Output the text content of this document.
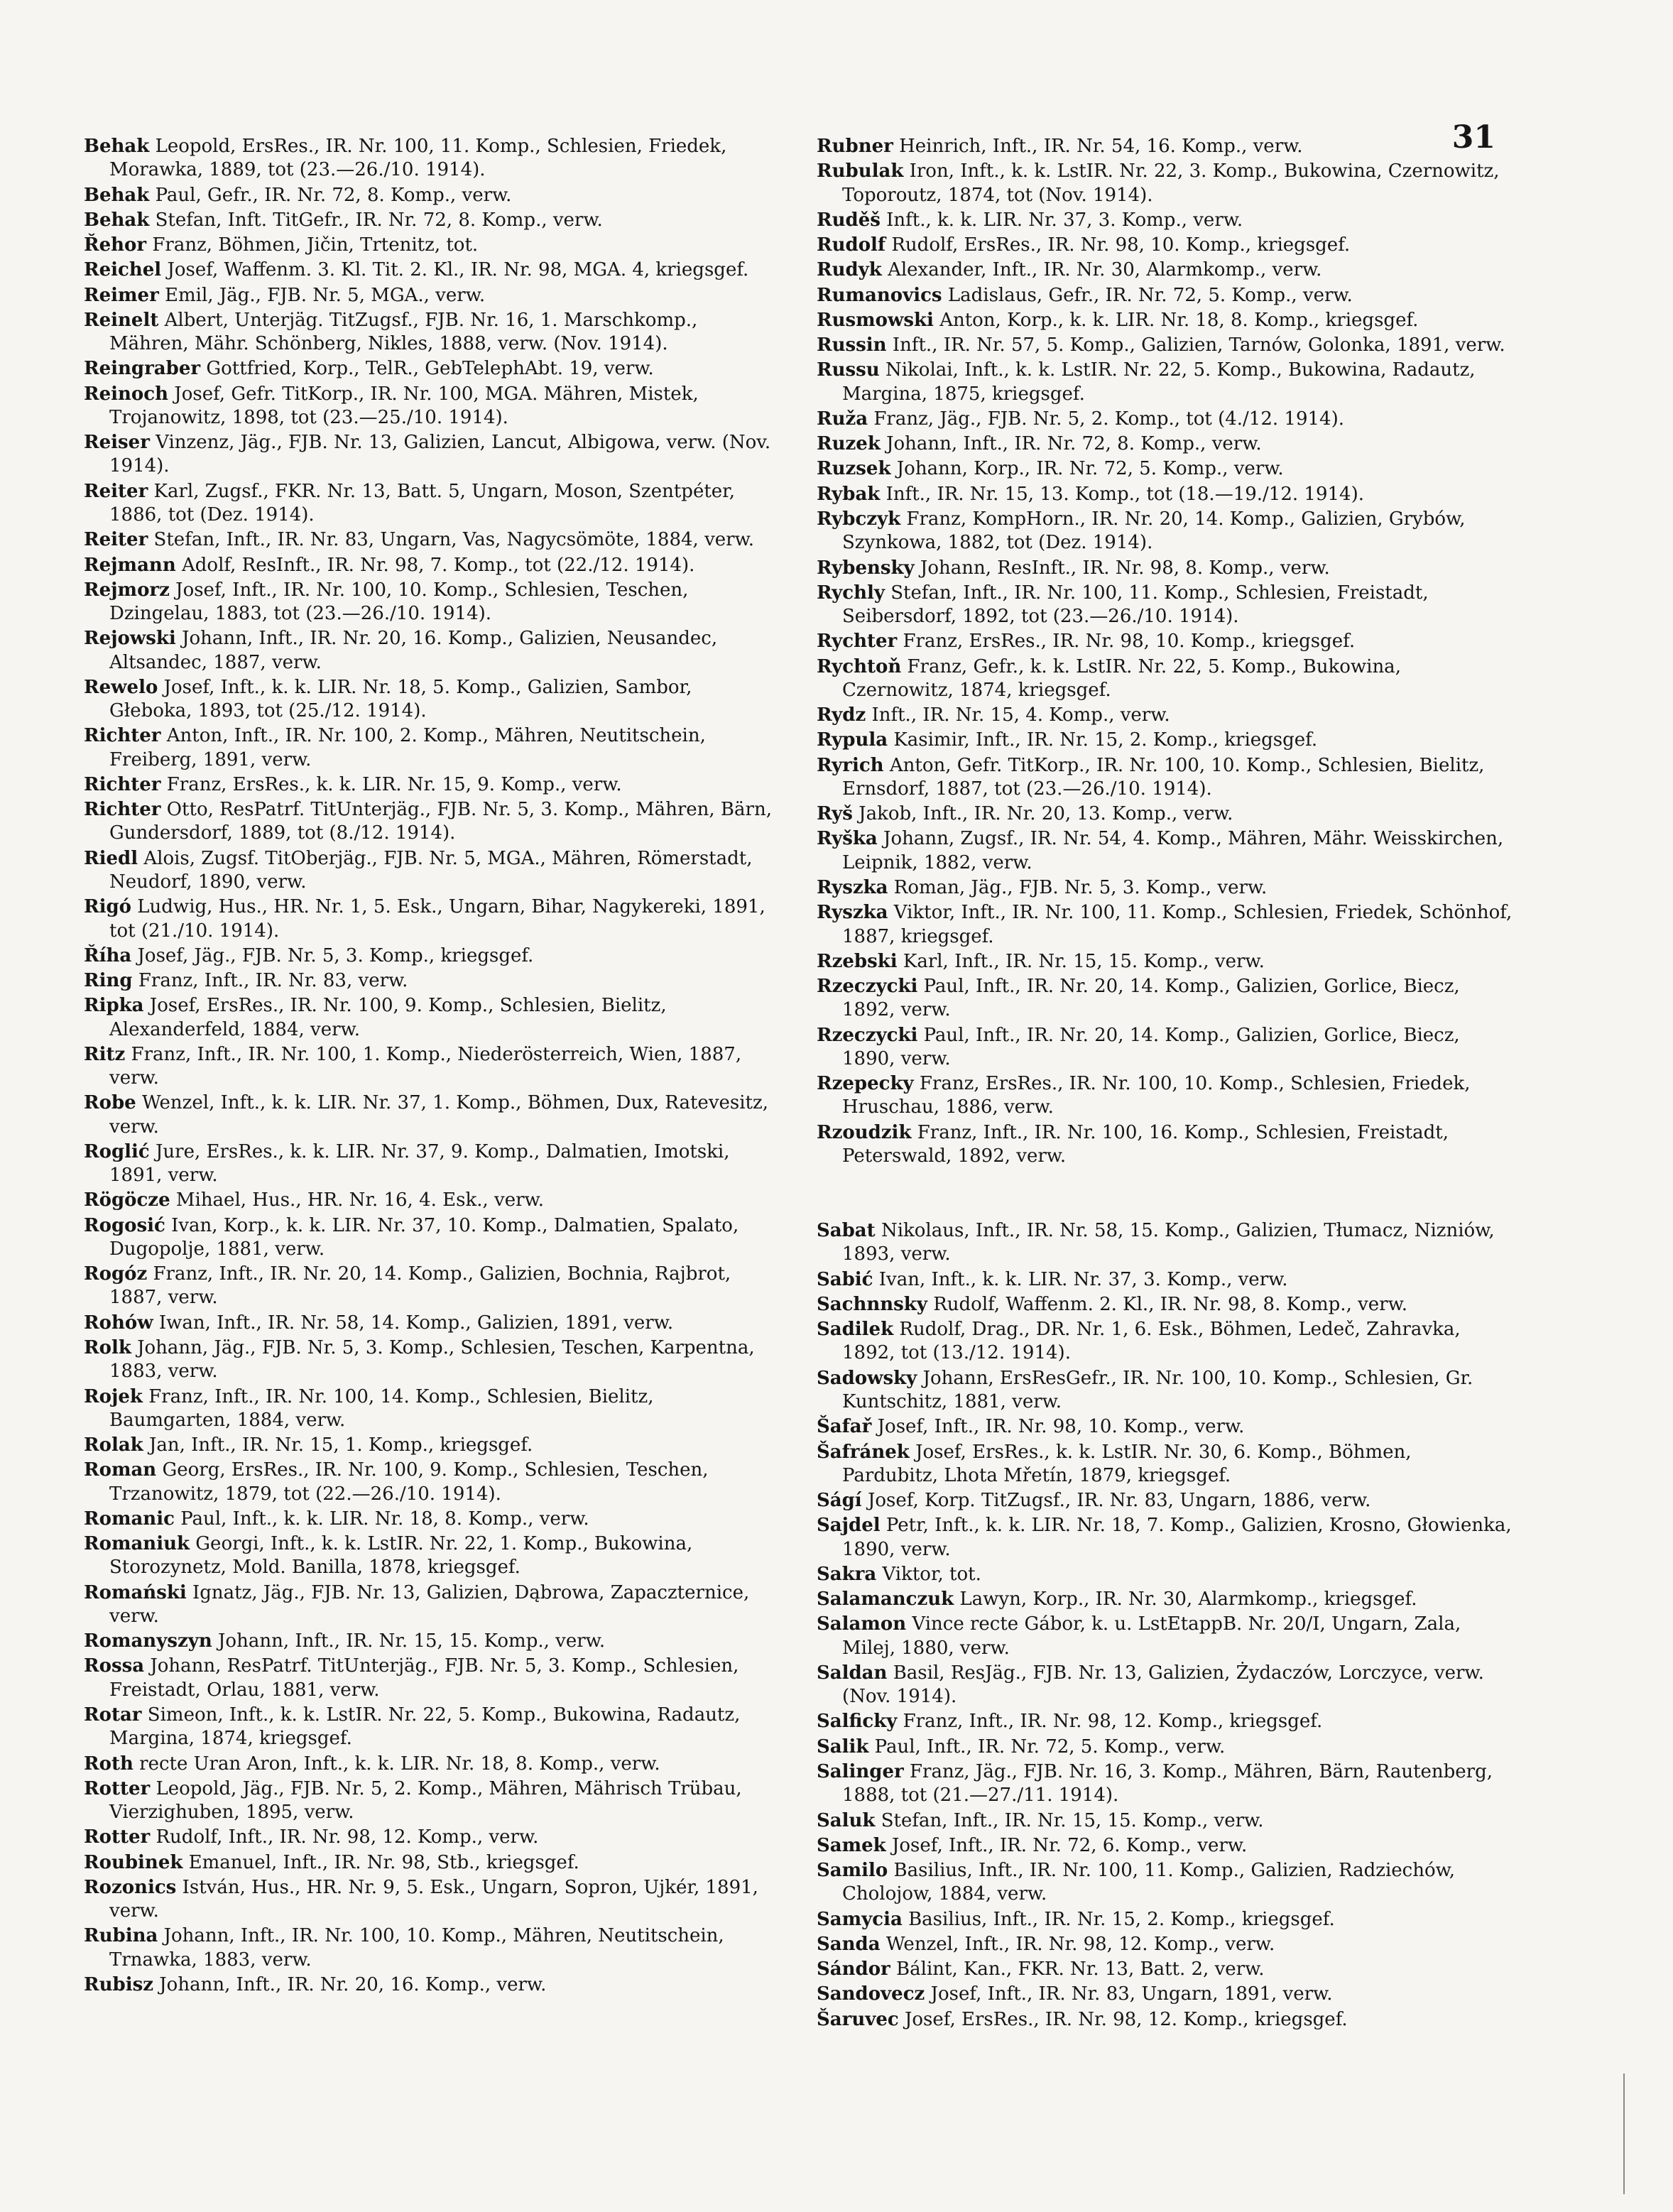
31

Behak Leopold, ErsRes., IR. Nr. 100, 11. Komp., Schlesien, Friedek, Morawka, 1889, tot (23.—26./10. 1914).

Behak Paul, Gefr., IR. Nr. 72, 8. Komp., verw.

Behak Stefan, Inft. TitGefr., IR. Nr. 72, 8. Komp., verw.

Řehor Franz, Böhmen, Jičin, Trtenitz, tot.

Reichel Josef, Waffenm. 3. Kl. Tit. 2. Kl., IR. Nr. 98, MGA. 4, kriegsgef.

Reimer Emil, Jäg., FJB. Nr. 5, MGA., verw.

Reinelt Albert, Unterjäg. TitZugsf., FJB. Nr. 16, 1. Marschkomp., Mähren, Mähr. Schönberg, Nikles, 1888, verw. (Nov. 1914).

Reingraber Gottfried, Korp., TelR., GebTelephAbt. 19, verw.

Reinoch Josef, Gefr. TitKorp., IR. Nr. 100, MGA. Mähren, Mistek, Trojanowitz, 1898, tot (23.—25./10. 1914).

Reiser Vinzenz, Jäg., FJB. Nr. 13, Galizien, Lancut, Albigowa, verw. (Nov. 1914).

Reiter Karl, Zugsf., FKR. Nr. 13, Batt. 5, Ungarn, Moson, Szentpéter, 1886, tot (Dez. 1914).

Reiter Stefan, Inft., IR. Nr. 83, Ungarn, Vas, Nagycsömöte, 1884, verw.

Rejmann Adolf, ResInft., IR. Nr. 98, 7. Komp., tot (22./12. 1914).

Rejmorz Josef, Inft., IR. Nr. 100, 10. Komp., Schlesien, Teschen, Dzingelau, 1883, tot (23.—26./10. 1914).

Rejowski Johann, Inft., IR. Nr. 20, 16. Komp., Galizien, Neusandec, Altsandec, 1887, verw.

Rewelo Josef, Inft., k. k. LIR. Nr. 18, 5. Komp., Galizien, Sambor, Głeboka, 1893, tot (25./12. 1914).

Richter Anton, Inft., IR. Nr. 100, 2. Komp., Mähren, Neutitschein, Freiberg, 1891, verw.

Richter Franz, ErsRes., k. k. LIR. Nr. 15, 9. Komp., verw.

Richter Otto, ResPatrf. TitUnterjäg., FJB. Nr. 5, 3. Komp., Mähren, Bärn, Gundersdorf, 1889, tot (8./12. 1914).

Riedl Alois, Zugsf. TitOberjäg., FJB. Nr. 5, MGA., Mähren, Römerstadt, Neudorf, 1890, verw.

Rigó Ludwig, Hus., HR. Nr. 1, 5. Esk., Ungarn, Bihar, Nagykereki, 1891, tot (21./10. 1914).

Říha Josef, Jäg., FJB. Nr. 5, 3. Komp., kriegsgef.

Ring Franz, Inft., IR. Nr. 83, verw.

Ripka Josef, ErsRes., IR. Nr. 100, 9. Komp., Schlesien, Bielitz, Alexanderfeld, 1884, verw.

Ritz Franz, Inft., IR. Nr. 100, 1. Komp., Niederösterreich, Wien, 1887, verw.

Robe Wenzel, Inft., k. k. LIR. Nr. 37, 1. Komp., Böhmen, Dux, Ratevesitz, verw.

Roglić Jure, ErsRes., k. k. LIR. Nr. 37, 9. Komp., Dalmatien, Imotski, 1891, verw.

Rögöcze Mihael, Hus., HR. Nr. 16, 4. Esk., verw.

Rogosić Ivan, Korp., k. k. LIR. Nr. 37, 10. Komp., Dalmatien, Spalato, Dugopolje, 1881, verw.

Rogóz Franz, Inft., IR. Nr. 20, 14. Komp., Galizien, Bochnia, Rajbrot, 1887, verw.

Rohów Iwan, Inft., IR. Nr. 58, 14. Komp., Galizien, 1891, verw.

Rolk Johann, Jäg., FJB. Nr. 5, 3. Komp., Schlesien, Teschen, Karpentna, 1883, verw.

Rojek Franz, Inft., IR. Nr. 100, 14. Komp., Schlesien, Bielitz, Baumgarten, 1884, verw.

Rolak Jan, Inft., IR. Nr. 15, 1. Komp., kriegsgef.

Roman Georg, ErsRes., IR. Nr. 100, 9. Komp., Schlesien, Teschen, Trzanowitz, 1879, tot (22.—26./10. 1914).

Romanic Paul, Inft., k. k. LIR. Nr. 18, 8. Komp., verw.

Romaniuk Georgi, Inft., k. k. LstIR. Nr. 22, 1. Komp., Bukowina, Storozynetz, Mold. Banilla, 1878, kriegsgef.

Romański Ignatz, Jäg., FJB. Nr. 13, Galizien, Dąbrowa, Zapaczternice, verw.

Romanyszyn Johann, Inft., IR. Nr. 15, 15. Komp., verw.

Rossa Johann, ResPatrf. TitUnterjäg., FJB. Nr. 5, 3. Komp., Schlesien, Freistadt, Orlau, 1881, verw.

Rotar Simeon, Inft., k. k. LstIR. Nr. 22, 5. Komp., Bukowina, Radautz, Margina, 1874, kriegsgef.

Roth recte Uran Aron, Inft., k. k. LIR. Nr. 18, 8. Komp., verw.

Rotter Leopold, Jäg., FJB. Nr. 5, 2. Komp., Mähren, Mährisch Trübau, Vierzighuben, 1895, verw.

Rotter Rudolf, Inft., IR. Nr. 98, 12. Komp., verw.

Roubinek Emanuel, Inft., IR. Nr. 98, Stb., kriegsgef.

Rozonics István, Hus., HR. Nr. 9, 5. Esk., Ungarn, Sopron, Ujkér, 1891, verw.

Rubina Johann, Inft., IR. Nr. 100, 10. Komp., Mähren, Neutitschein, Trnawka, 1883, verw.

Rubisz Johann, Inft., IR. Nr. 20, 16. Komp., verw.

Rubner Heinrich, Inft., IR. Nr. 54, 16. Komp., verw.

Rubulak Iron, Inft., k. k. LstIR. Nr. 22, 3. Komp., Bukowina, Czernowitz, Toporoutz, 1874, tot (Nov. 1914).

Ruděš Inft., k. k. LIR. Nr. 37, 3. Komp., verw.

Rudolf Rudolf, ErsRes., IR. Nr. 98, 10. Komp., kriegsgef.

Rudyk Alexander, Inft., IR. Nr. 30, Alarmkomp., verw.

Rumanovics Ladislaus, Gefr., IR. Nr. 72, 5. Komp., verw.

Rusmowski Anton, Korp., k. k. LIR. Nr. 18, 8. Komp., kriegsgef.

Russin Inft., IR. Nr. 57, 5. Komp., Galizien, Tarnów, Golonka, 1891, verw.

Russu Nikolai, Inft., k. k. LstIR. Nr. 22, 5. Komp., Bukowina, Radautz, Margina, 1875, kriegsgef.

Ruža Franz, Jäg., FJB. Nr. 5, 2. Komp., tot (4./12. 1914).

Ruzek Johann, Inft., IR. Nr. 72, 8. Komp., verw.

Ruzsek Johann, Korp., IR. Nr. 72, 5. Komp., verw.

Rybak Inft., IR. Nr. 15, 13. Komp., tot (18.—19./12. 1914).

Rybczyk Franz, KompHorn., IR. Nr. 20, 14. Komp., Galizien, Grybów, Szynkowa, 1882, tot (Dez. 1914).

Rybensky Johann, ResInft., IR. Nr. 98, 8. Komp., verw.

Rychly Stefan, Inft., IR. Nr. 100, 11. Komp., Schlesien, Freistadt, Seibersdorf, 1892, tot (23.—26./10. 1914).

Rychter Franz, ErsRes., IR. Nr. 98, 10. Komp., kriegsgef.

Rychtoň Franz, Gefr., k. k. LstIR. Nr. 22, 5. Komp., Bukowina, Czernowitz, 1874, kriegsgef.

Rydz Inft., IR. Nr. 15, 4. Komp., verw.

Rypula Kasimir, Inft., IR. Nr. 15, 2. Komp., kriegsgef.

Ryrich Anton, Gefr. TitKorp., IR. Nr. 100, 10. Komp., Schlesien, Bielitz, Ernsdorf, 1887, tot (23.—26./10. 1914).

Ryš Jakob, Inft., IR. Nr. 20, 13. Komp., verw.

Ryška Johann, Zugsf., IR. Nr. 54, 4. Komp., Mähren, Mähr. Weisskirchen, Leipnik, 1882, verw.

Ryszka Roman, Jäg., FJB. Nr. 5, 3. Komp., verw.

Ryszka Viktor, Inft., IR. Nr. 100, 11. Komp., Schlesien, Friedek, Schönhof, 1887, kriegsgef.

Rzebski Karl, Inft., IR. Nr. 15, 15. Komp., verw.

Rzeczycki Paul, Inft., IR. Nr. 20, 14. Komp., Galizien, Gorlice, Biecz, 1892, verw.

Rzeczycki Paul, Inft., IR. Nr. 20, 14. Komp., Galizien, Gorlice, Biecz, 1890, verw.

Rzepecky Franz, ErsRes., IR. Nr. 100, 10. Komp., Schlesien, Friedek, Hruschau, 1886, verw.

Rzoudzik Franz, Inft., IR. Nr. 100, 16. Komp., Schlesien, Freistadt, Peterswald, 1892, verw.

Sabat Nikolaus, Inft., IR. Nr. 58, 15. Komp., Galizien, Tłumacz, Nizniów, 1893, verw.

Sabić Ivan, Inft., k. k. LIR. Nr. 37, 3. Komp., verw.

Sachnnsky Rudolf, Waffenm. 2. Kl., IR. Nr. 98, 8. Komp., verw.

Sadilek Rudolf, Drag., DR. Nr. 1, 6. Esk., Böhmen, Ledeč, Zahravka, 1892, tot (13./12. 1914).

Sadowsky Johann, ErsResGefr., IR. Nr. 100, 10. Komp., Schlesien, Gr. Kuntschitz, 1881, verw.

Šafař Josef, Inft., IR. Nr. 98, 10. Komp., verw.

Šafránek Josef, ErsRes., k. k. LstIR. Nr. 30, 6. Komp., Böhmen, Pardubitz, Lhota Mřetín, 1879, kriegsgef.

Ságí Josef, Korp. TitZugsf., IR. Nr. 83, Ungarn, 1886, verw.

Sajdel Petr, Inft., k. k. LIR. Nr. 18, 7. Komp., Galizien, Krosno, Głowienka, 1890, verw.

Sakra Viktor, tot.

Salamanczuk Lawyn, Korp., IR. Nr. 30, Alarmkomp., kriegsgef.

Salamon Vince recte Gábor, k. u. LstEtappB. Nr. 20/I, Ungarn, Zala, Milej, 1880, verw.

Saldan Basil, ResJäg., FJB. Nr. 13, Galizien, Żydaczów, Lorczyce, verw. (Nov. 1914).

Salficky Franz, Inft., IR. Nr. 98, 12. Komp., kriegsgef.

Salik Paul, Inft., IR. Nr. 72, 5. Komp., verw.

Salinger Franz, Jäg., FJB. Nr. 16, 3. Komp., Mähren, Bärn, Rautenberg, 1888, tot (21.—27./11. 1914).

Saluk Stefan, Inft., IR. Nr. 15, 15. Komp., verw.

Samek Josef, Inft., IR. Nr. 72, 6. Komp., verw.

Samilo Basilius, Inft., IR. Nr. 100, 11. Komp., Galizien, Radziechów, Cholojow, 1884, verw.

Samycia Basilius, Inft., IR. Nr. 15, 2. Komp., kriegsgef.

Sanda Wenzel, Inft., IR. Nr. 98, 12. Komp., verw.

Sándor Bálint, Kan., FKR. Nr. 13, Batt. 2, verw.

Sandovecz Josef, Inft., IR. Nr. 83, Ungarn, 1891, verw.

Šaruvec Josef, ErsRes., IR. Nr. 98, 12. Komp., kriegsgef.
